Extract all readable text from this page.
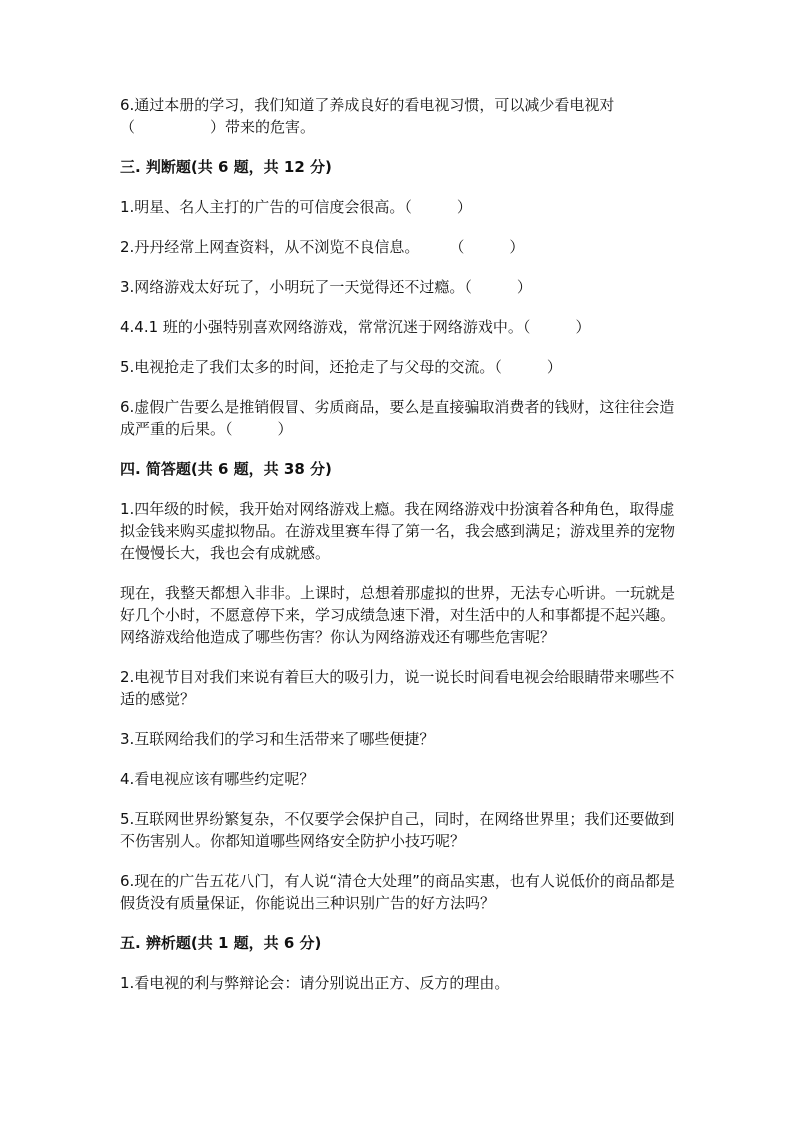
6.通过本册的学习，我们知道了养成良好的看电视习惯，可以减少看电视对（　　　　　）带来的危害。

三. 判断题(共 6 题，共 12 分)

1.明星、名人主打的广告的可信度会很高。（　　　）

2.丹丹经常上网查资料，从不浏览不良信息。　　　（　　　）

3.网络游戏太好玩了，小明玩了一天觉得还不过瘾。（　　　）

4.4.1 班的小强特别喜欢网络游戏，常常沉迷于网络游戏中。（　　　）

5.电视抢走了我们太多的时间，还抢走了与父母的交流。（　　　）

6.虚假广告要么是推销假冒、劣质商品，要么是直接骗取消费者的钱财，这往往会造成严重的后果。（　　　）

四. 简答题(共 6 题，共 38 分)

1.四年级的时候，我开始对网络游戏上瘾。我在网络游戏中扮演着各种角色，取得虚拟金钱来购买虚拟物品。在游戏里赛车得了第一名，我会感到满足；游戏里养的宠物在慢慢长大，我也会有成就感。

现在，我整天都想入非非。上课时，总想着那虚拟的世界，无法专心听讲。一玩就是好几个小时，不愿意停下来，学习成绩急速下滑，对生活中的人和事都提不起兴趣。网络游戏给他造成了哪些伤害？你认为网络游戏还有哪些危害呢？

2.电视节目对我们来说有着巨大的吸引力，说一说长时间看电视会给眼睛带来哪些不适的感觉？

3.互联网给我们的学习和生活带来了哪些便捷？

4.看电视应该有哪些约定呢？

5.互联网世界纷繁复杂，不仅要学会保护自己，同时，在网络世界里；我们还要做到不伤害别人。你都知道哪些网络安全防护小技巧呢？

6.现在的广告五花八门，有人说“清仓大处理”的商品实惠，也有人说低价的商品都是假货没有质量保证，你能说出三种识别广告的好方法吗？

五. 辨析题(共 1 题，共 6 分)

1.看电视的利与弊辩论会：请分别说出正方、反方的理由。
